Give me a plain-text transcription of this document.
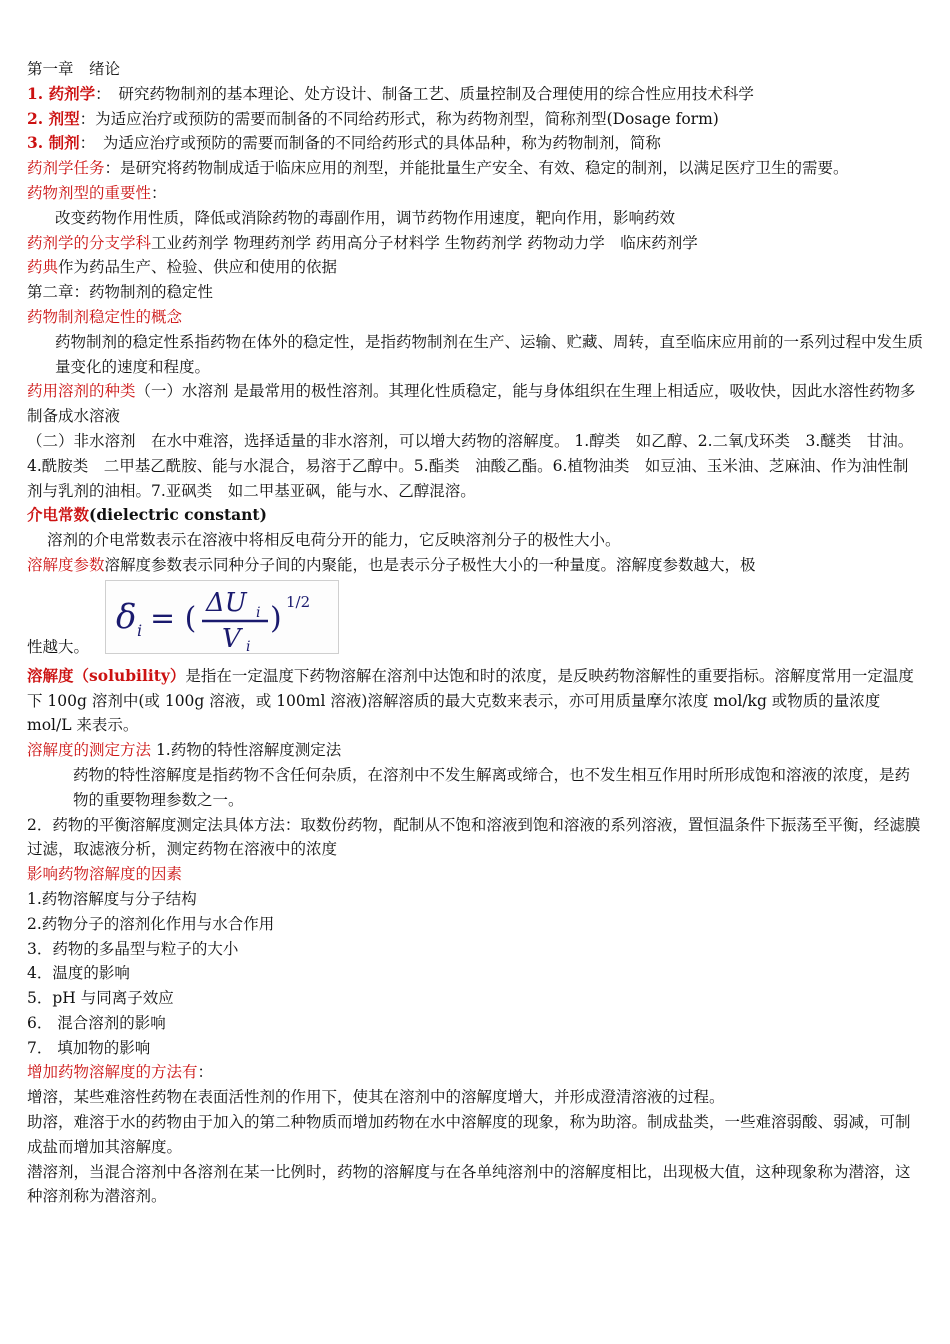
第一章　绪论
1. 药剂学：　研究药物制剂的基本理论、处方设计、制备工艺、质量控制及合理使用的综合性应用技术科学
2. 剂型：为适应治疗或预防的需要而制备的不同给药形式，称为药物剂型，简称剂型(Dosage form)
3. 制剂：　为适应治疗或预防的需要而制备的不同给药形式的具体品种，称为药物制剂，简称
药剂学任务：是研究将药物制成适于临床应用的剂型，并能批量生产安全、有效、稳定的制剂，以满足医疗卫生的需要。
药物剂型的重要性：
改变药物作用性质，降低或消除药物的毒副作用，调节药物作用速度，靶向作用，影响药效
药剂学的分支学科工业药剂学 物理药剂学 药用高分子材料学 生物药剂学 药物动力学　临床药剂学
药典作为药品生产、检验、供应和使用的依据
第二章：药物制剂的稳定性
药物制剂稳定性的概念
药物制剂的稳定性系指药物在体外的稳定性，是指药物制剂在生产、运输、贮藏、周转，直至临床应用前的一系列过程中发生质量变化的速度和程度。
药用溶剂的种类（一）水溶剂 是最常用的极性溶剂。其理化性质稳定，能与身体组织在生理上相适应，吸收快，因此水溶性药物多制备成水溶液
（二）非水溶剂　在水中难溶，选择适量的非水溶剂，可以增大药物的溶解度。 1.醇类　如乙醇、2.二氧戊环类　3.醚类　甘油。4.酰胺类　二甲基乙酰胺、能与水混合，易溶于乙醇中。5.酯类　油酸乙酯。6.植物油类　如豆油、玉米油、芝麻油、作为油性制剂与乳剂的油相。7.亚砜类　如二甲基亚砜，能与水、乙醇混溶。
介电常数(dielectric constant)
溶剂的介电常数表示在溶液中将相反电荷分开的能力，它反映溶剂分子的极性大小。
溶解度参数溶解度参数表示同种分子间的内聚能，也是表示分子极性大小的一种量度。溶解度参数越大，极
性越大。
δ i = ( ΔU i
V i
) 1/2
溶解度（solubility）是指在一定温度下药物溶解在溶剂中达饱和时的浓度，是反映药物溶解性的重要指标。溶解度常用一定温度下 100g 溶剂中(或 100g 溶液，或 100ml 溶液)溶解溶质的最大克数来表示，亦可用质量摩尔浓度 mol/kg 或物质的量浓度 mol/L 来表示。
溶解度的测定方法 1.药物的特性溶解度测定法
药物的特性溶解度是指药物不含任何杂质，在溶剂中不发生解离或缔合，也不发生相互作用时所形成饱和溶液的浓度，是药物的重要物理参数之一。
2．药物的平衡溶解度测定法具体方法：取数份药物，配制从不饱和溶液到饱和溶液的系列溶液，置恒温条件下振荡至平衡，经滤膜过滤，取滤液分析，测定药物在溶液中的浓度
影响药物溶解度的因素
1.药物溶解度与分子结构
2.药物分子的溶剂化作用与水合作用
3．药物的多晶型与粒子的大小
4．温度的影响
5．pH 与同离子效应
6． 混合溶剂的影响
7． 填加物的影响
增加药物溶解度的方法有：
增溶，某些难溶性药物在表面活性剂的作用下，使其在溶剂中的溶解度增大，并形成澄清溶液的过程。
助溶，难溶于水的药物由于加入的第二种物质而增加药物在水中溶解度的现象，称为助溶。制成盐类，一些难溶弱酸、弱减，可制成盐而增加其溶解度。
潜溶剂，当混合溶剂中各溶剂在某一比例时，药物的溶解度与在各单纯溶剂中的溶解度相比，出现极大值，这种现象称为潜溶，这种溶剂称为潜溶剂。
